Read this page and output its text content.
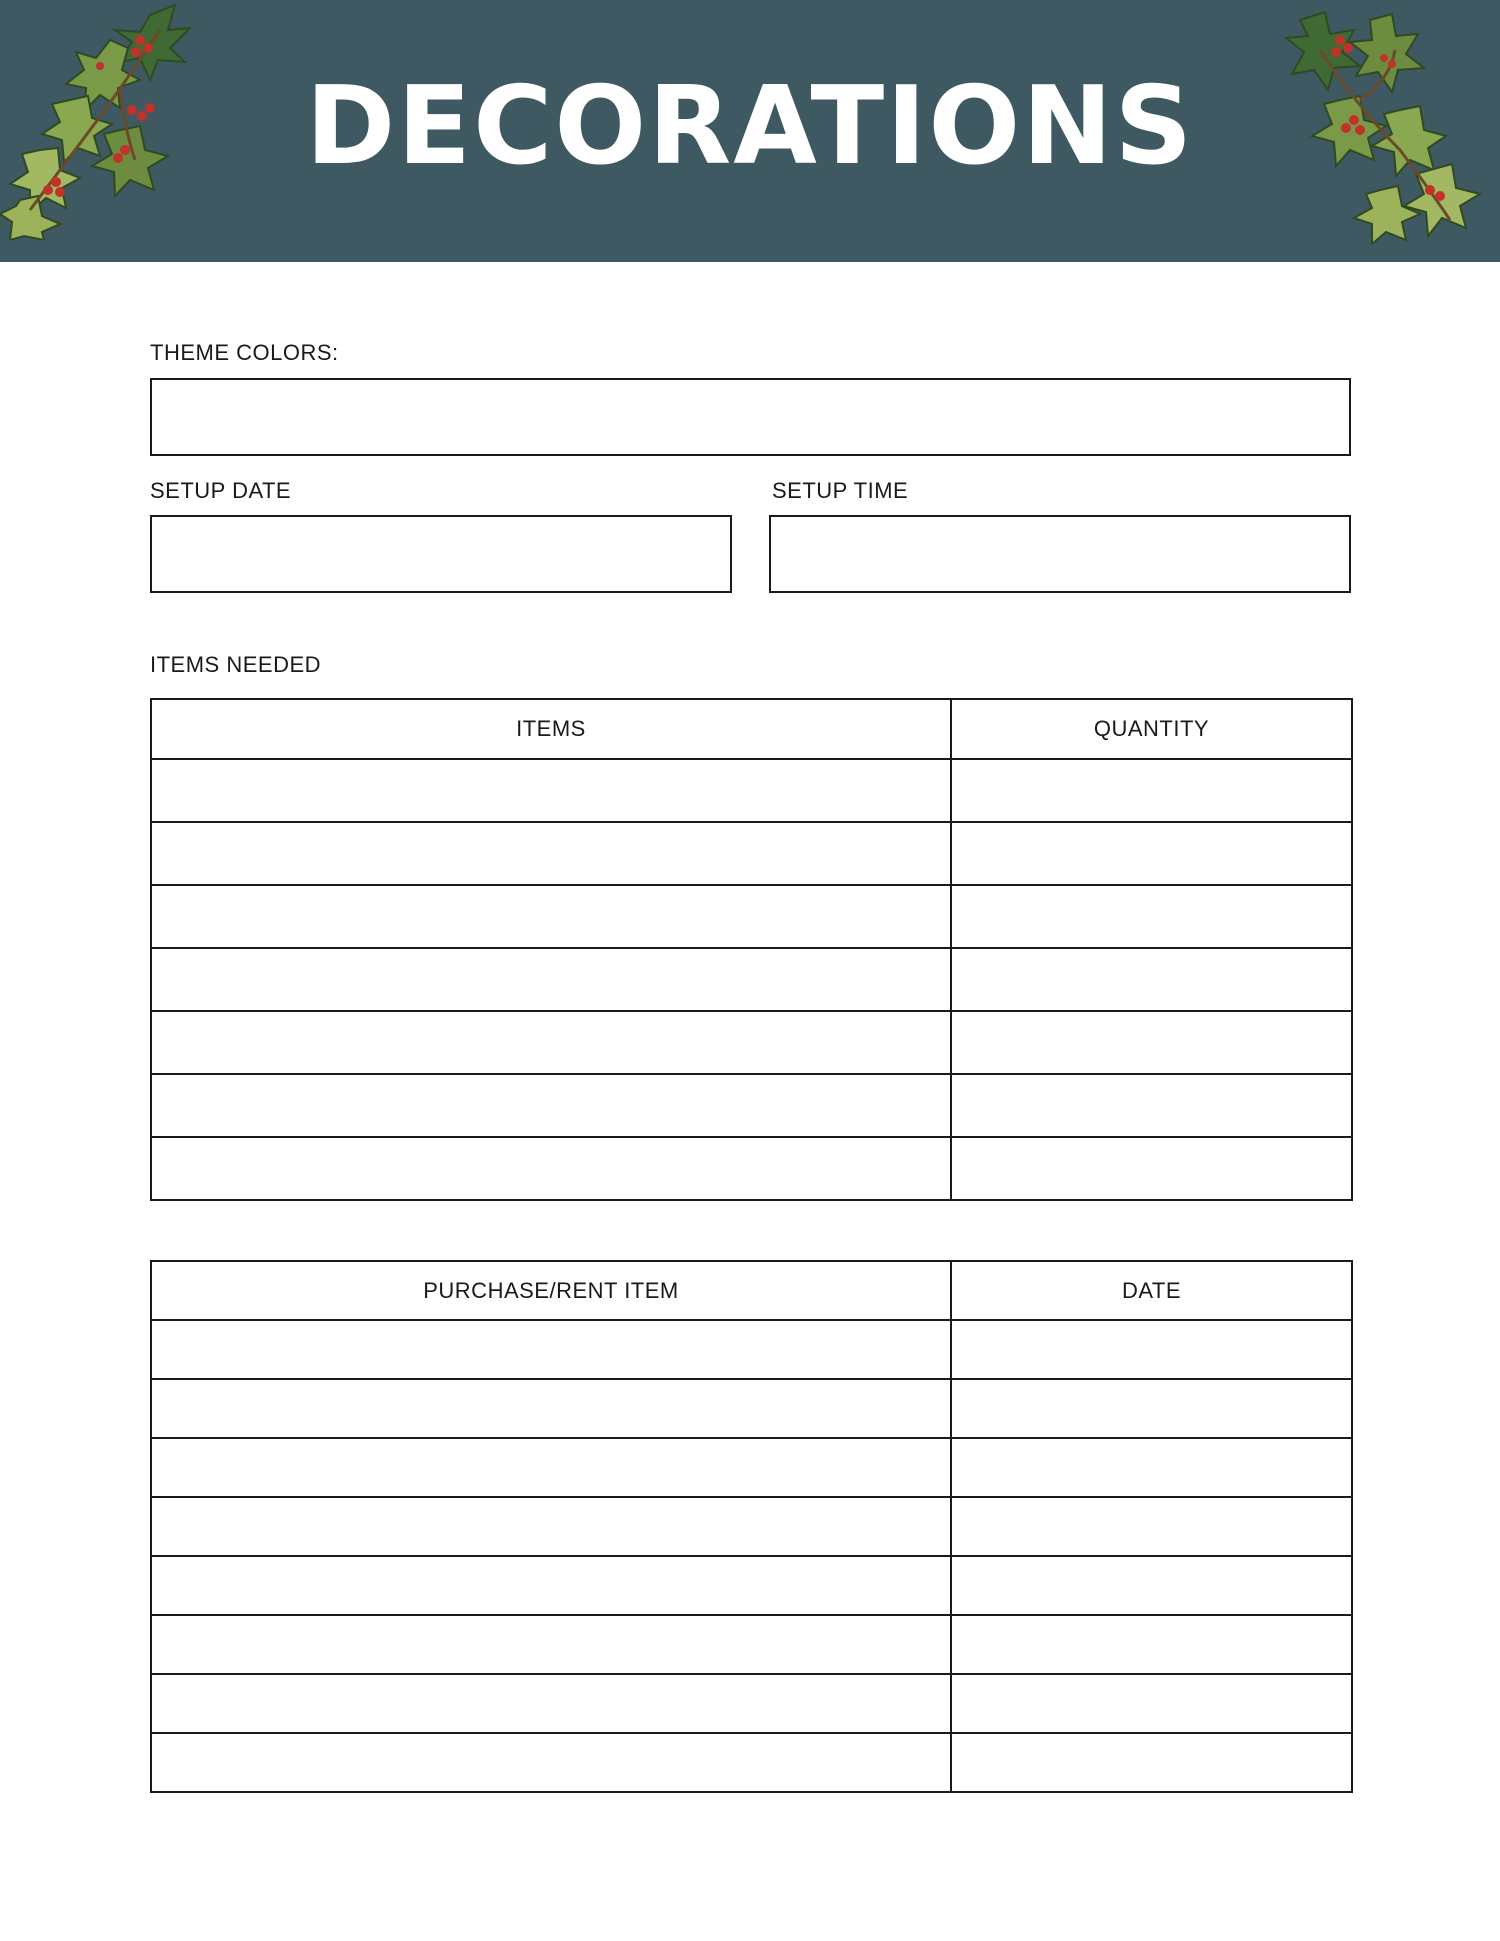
DECORATIONS
THEME COLORS:
SETUP DATE	SETUP TIME
ITEMS NEEDED
ITEMS	QUANTITY

PURCHASE/RENT ITEM	DATE
